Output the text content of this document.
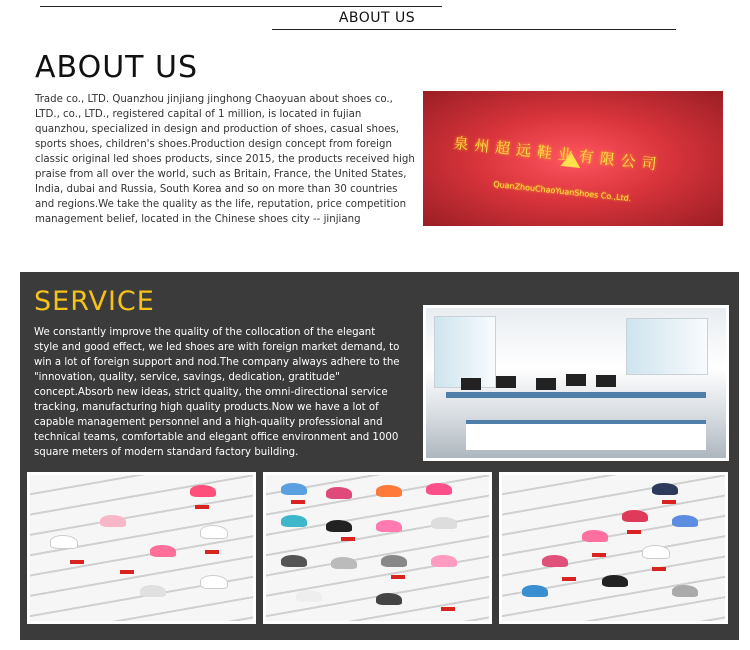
ABOUT US
ABOUT US
Trade co., LTD. Quanzhou jinjiang jinghong Chaoyuan about shoes co., LTD., co., LTD., registered capital of 1 million, is located in fujian quanzhou, specialized in design and production of shoes, casual shoes, sports shoes, children's shoes.Production design concept from foreign classic original led shoes products, since 2015, the products received high praise from all over the world, such as Britain, France, the United States, India, dubai and Russia, South Korea and so on more than 30 countries and regions.We take the quality as the life, reputation, price competition management belief, located in the Chinese shoes city -- jinjiang
泉州超远鞋业有限公司
QuanZhouChaoYuanShoes Co.,Ltd.
SERVICE
We constantly improve the quality of the collocation of the elegant style and good effect, we led shoes are with foreign market demand, to win a lot of foreign support and nod.The company always adhere to the "innovation, quality, service, savings, dedication, gratitude" concept.Absorb new ideas, strict quality, the omni-directional service tracking, manufacturing high quality products.Now we have a lot of capable management personnel and a high-quality professional and technical teams, comfortable and elegant office environment and 1000 square meters of modern standard factory building.
